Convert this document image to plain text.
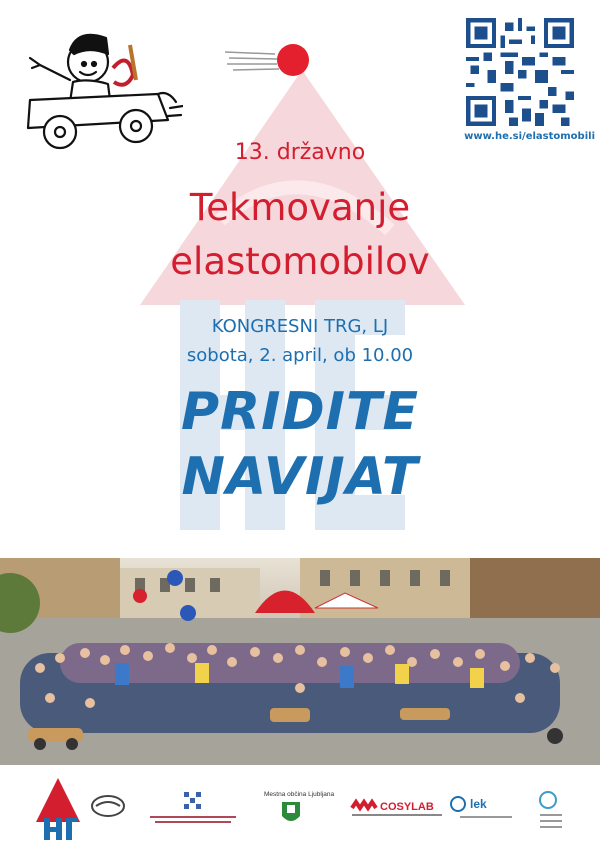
www.he.si/elastomobili
13. državno
Tekmovanje
elastomobilov
KONGRESNI TRG, LJ
sobota, 2. april, ob 10.00
PRIDITE
NAVIJAT
Mestna občina Ljubljana
COSYLAB	lek
